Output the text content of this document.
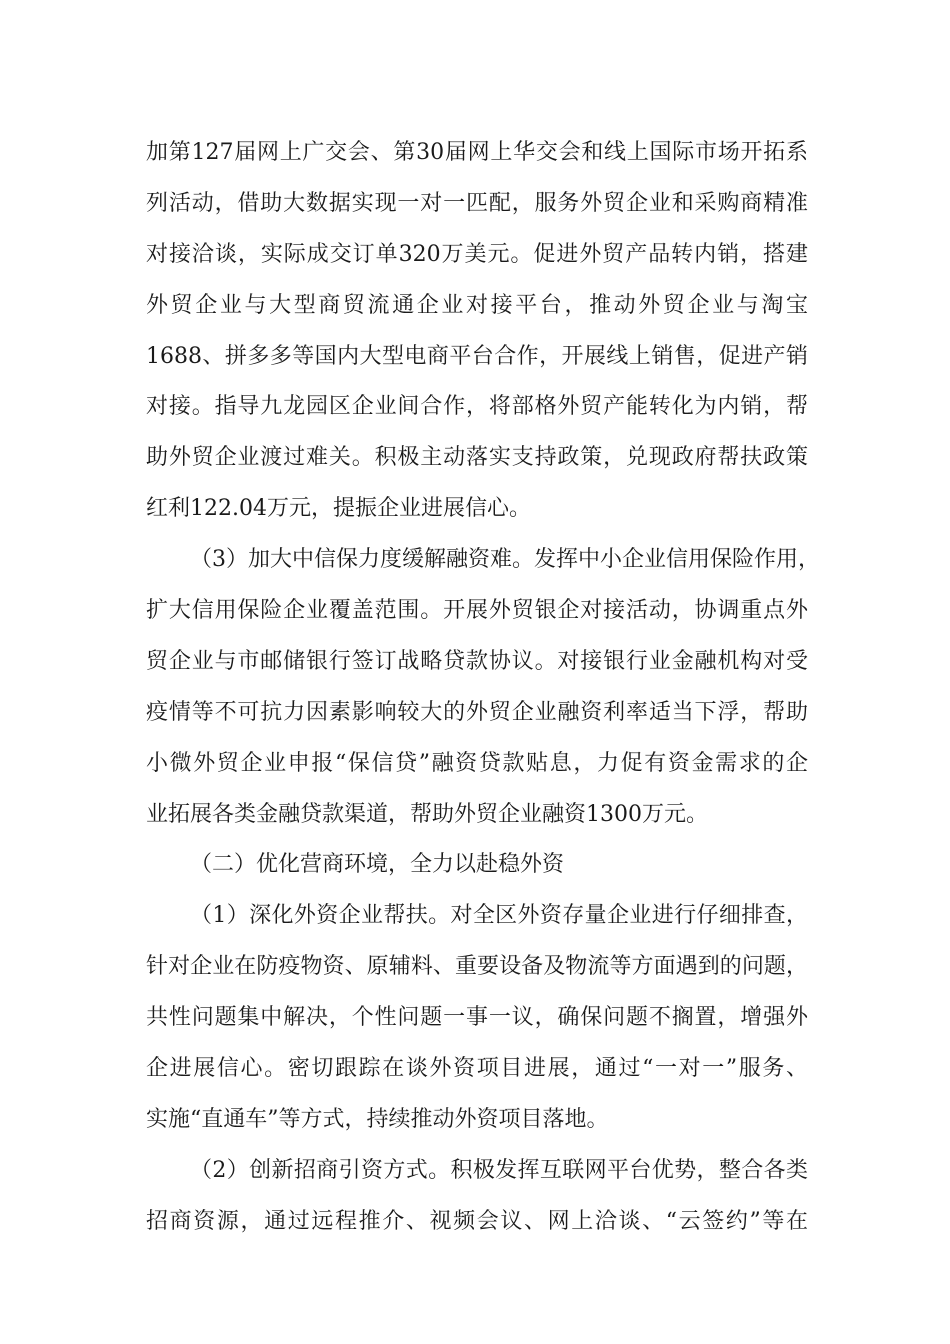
加第127届网上广交会、第30届网上华交会和线上国际市场开拓系
列活动，借助大数据实现一对一匹配，服务外贸企业和采购商精准
对接洽谈，实际成交订单320万美元。促进外贸产品转内销，搭建
外贸企业与大型商贸流通企业对接平台，推动外贸企业与淘宝
1688、拼多多等国内大型电商平台合作，开展线上销售，促进产销
对接。指导九龙园区企业间合作，将部格外贸产能转化为内销，帮
助外贸企业渡过难关。积极主动落实支持政策，兑现政府帮扶政策
红利122.04万元，提振企业进展信心。
（3）加大中信保力度缓解融资难。发挥中小企业信用保险作用，
扩大信用保险企业覆盖范围。开展外贸银企对接活动，协调重点外
贸企业与市邮储银行签订战略贷款协议。对接银行业金融机构对受
疫情等不可抗力因素影响较大的外贸企业融资利率适当下浮，帮助
小微外贸企业申报“保信贷”融资贷款贴息，力促有资金需求的企
业拓展各类金融贷款渠道，帮助外贸企业融资1300万元。
（二）优化营商环境，全力以赴稳外资
（1）深化外资企业帮扶。对全区外资存量企业进行仔细排查，
针对企业在防疫物资、原辅料、重要设备及物流等方面遇到的问题，
共性问题集中解决，个性问题一事一议，确保问题不搁置，增强外
企进展信心。密切跟踪在谈外资项目进展，通过“一对一”服务、
实施“直通车”等方式，持续推动外资项目落地。
（2）创新招商引资方式。积极发挥互联网平台优势，整合各类
招商资源，通过远程推介、视频会议、网上洽谈、“云签约”等在
